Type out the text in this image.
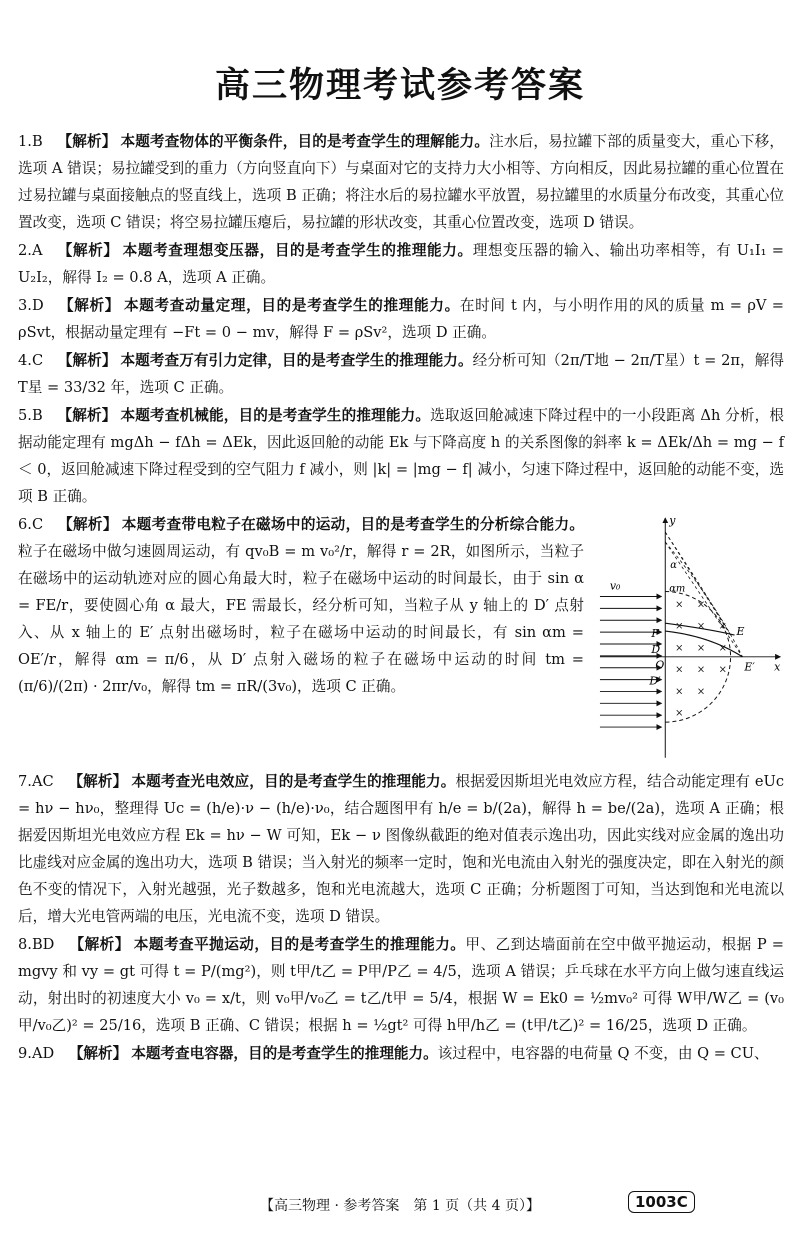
高三物理考试参考答案

1.B 【解析】 本题考查物体的平衡条件，目的是考查学生的理解能力。注水后，易拉罐下部的质量变大，重心下移，选项 A 错误；易拉罐受到的重力（方向竖直向下）与桌面对它的支持力大小相等、方向相反，因此易拉罐的重心位置在过易拉罐与桌面接触点的竖直线上，选项 B 正确；将注水后的易拉罐水平放置，易拉罐里的水质量分布改变，其重心位置改变，选项 C 错误；将空易拉罐压瘪后，易拉罐的形状改变，其重心位置改变，选项 D 错误。

2.A 【解析】 本题考查理想变压器，目的是考查学生的推理能力。理想变压器的输入、输出功率相等，有 U₁I₁ = U₂I₂，解得 I₂ = 0.8 A，选项 A 正确。

3.D 【解析】 本题考查动量定理，目的是考查学生的推理能力。在时间 t 内，与小明作用的风的质量 m = ρV = ρSvt，根据动量定理有 −Ft = 0 − mv，解得 F = ρSv²，选项 D 正确。

4.C 【解析】 本题考查万有引力定律，目的是考查学生的推理能力。经分析可知（2π/T地 − 2π/T星）t = 2π，解得 T星 = 33/32 年，选项 C 正确。

5.B 【解析】 本题考查机械能，目的是考查学生的推理能力。选取返回舱减速下降过程中的一小段距离 Δh 分析，根据动能定理有 mgΔh − fΔh = ΔEk，因此返回舱的动能 Ek 与下降高度 h 的关系图像的斜率 k = ΔEk/Δh = mg − f ＜ 0，返回舱减速下降过程受到的空气阻力 f 减小，则 |k| = |mg − f| 减小，匀速下降过程中，返回舱的动能不变，选项 B 正确。

6.C 【解析】 本题考查带电粒子在磁场中的运动，目的是考查学生的分析综合能力。粒子在磁场中做匀速圆周运动，有 qv₀B = m v₀²/r，解得 r = 2R，如图所示，当粒子在磁场中的运动轨迹对应的圆心角最大时，粒子在磁场中运动的时间最长，由于 sin α = FE/r，要使圆心角 α 最大，FE 需最长，经分析可知，当粒子从 y 轴上的 D′ 点射入、从 x 轴上的 E′ 点射出磁场时，粒子在磁场中运动的时间最长，有 sin αm = OE′/r，解得 αm = π/6，从 D′ 点射入磁场的粒子在磁场中运动的时间 tm = (π/6)/(2π) · 2πr/v₀，解得 tm = πR/(3v₀)，选项 C 正确。
y
x
O
v₀
α
αm
F
D
D′
E
E′
× ×
× × ×
× × ×
× × ×
× ×
×

7.AC 【解析】 本题考查光电效应，目的是考查学生的推理能力。根据爱因斯坦光电效应方程，结合动能定理有 eUc = hν − hν₀，整理得 Uc = (h/e)·ν − (h/e)·ν₀，结合题图甲有 h/e = b/(2a)，解得 h = be/(2a)，选项 A 正确；根据爱因斯坦光电效应方程 Ek = hν − W 可知，Ek − ν 图像纵截距的绝对值表示逸出功，因此实线对应金属的逸出功比虚线对应金属的逸出功大，选项 B 错误；当入射光的频率一定时，饱和光电流由入射光的强度决定，即在入射光的颜色不变的情况下，入射光越强，光子数越多，饱和光电流越大，选项 C 正确；分析题图丁可知，当达到饱和光电流以后，增大光电管两端的电压，光电流不变，选项 D 错误。

8.BD 【解析】 本题考查平抛运动，目的是考查学生的推理能力。甲、乙到达墙面前在空中做平抛运动，根据 P = mgvy 和 vy = gt 可得 t = P/(mg²)，则 t甲/t乙 = P甲/P乙 = 4/5，选项 A 错误；乒乓球在水平方向上做匀速直线运动，射出时的初速度大小 v₀ = x/t，则 v₀甲/v₀乙 = t乙/t甲 = 5/4，根据 W = Ek0 = ½mv₀² 可得 W甲/W乙 = (v₀甲/v₀乙)² = 25/16，选项 B 正确、C 错误；根据 h = ½gt² 可得 h甲/h乙 = (t甲/t乙)² = 16/25，选项 D 正确。

9.AD 【解析】 本题考查电容器，目的是考查学生的推理能力。该过程中，电容器的电荷量 Q 不变，由 Q = CU、

【高三物理 · 参考答案　第 1 页（共 4 页）】	1003C
